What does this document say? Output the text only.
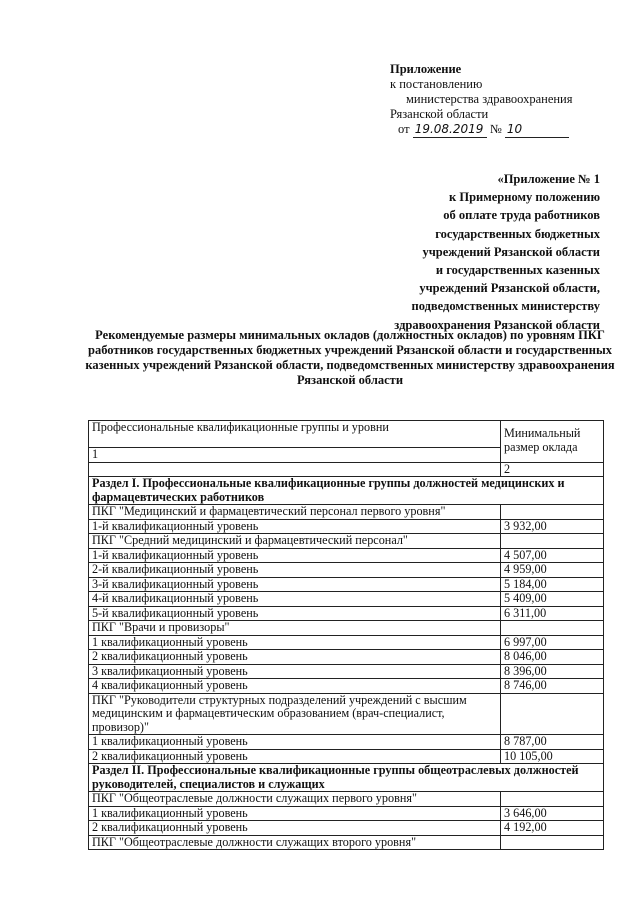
Приложение
к постановлению
министерства здравоохранения
Рязанской области
от 19.08.2019 № 10
«Приложение № 1
к Примерному положению
об оплате труда работников
государственных бюджетных
учреждений Рязанской области
и государственных казенных
учреждений Рязанской области,
подведомственных министерству
здравоохранения Рязанской области
Рекомендуемые размеры минимальных окладов (должностных окладов) по уровням ПКГ работников государственных бюджетных учреждений Рязанской области и государственных казенных учреждений Рязанской области, подведомственных министерству здравоохранения Рязанской области
Профессиональные квалификационные группы и уровни	Минимальный размер оклада
1	
	2
Раздел I. Профессиональные квалификационные группы должностей медицинских и фармацевтических работников	
ПКГ "Медицинский и фармацевтический персонал первого уровня"	
1-й квалификационный уровень	3 932,00
ПКГ "Средний медицинский и фармацевтический персонал"	
1-й квалификационный уровень	4 507,00
2-й квалификационный уровень	4 959,00
3-й квалификационный уровень	5 184,00
4-й квалификационный уровень	5 409,00
5-й квалификационный уровень	6 311,00
ПКГ "Врачи и провизоры"	
1 квалификационный уровень	6 997,00
2 квалификационный уровень	8 046,00
3 квалификационный уровень	8 396,00
4 квалификационный уровень	8 746,00
ПКГ "Руководители структурных подразделений учреждений с высшим медицинским и фармацевтическим образованием (врач-специалист, провизор)"	
1 квалификационный уровень	8 787,00
2 квалификационный уровень	10 105,00
Раздел II. Профессиональные квалификационные группы общеотраслевых должностей руководителей, специалистов и служащих	
ПКГ "Общеотраслевые должности служащих первого уровня"	
1 квалификационный уровень	3 646,00
2 квалификационный уровень	4 192,00
ПКГ "Общеотраслевые должности служащих второго уровня"	
